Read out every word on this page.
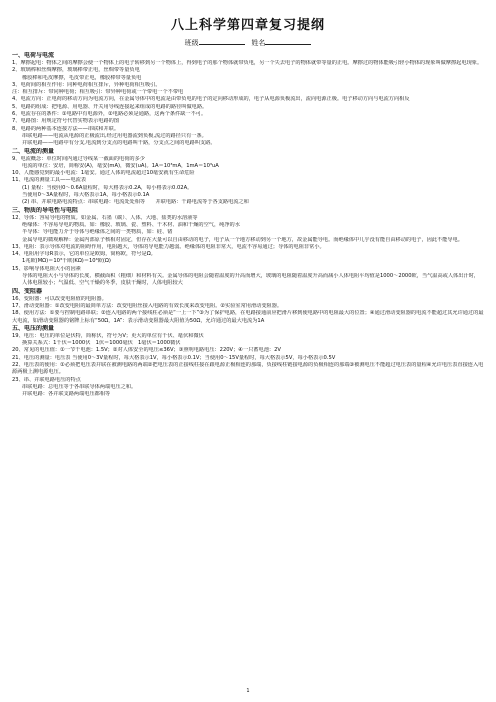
八上科学第四章复习提纲
班级	姓名
一、电荷与电流
1、摩擦起电：物体之间的摩擦会使一个物体上的电子转移到另一个物体上，得到电子的那个物体就带负电，另一个失去电子的物体就带等量的正电。摩擦过的物体能吸引轻小物体的现象叫做摩擦起电现象。
2、玻璃棒和丝绸摩擦，玻璃棒带正电，丝绸带等量负电
橡胶棒和毛皮摩擦，毛皮带正电，橡胶棒带等量负电
3、电荷间的相互作用：同种电荷相互排斥，异种电荷相互吸引。
注：相互排斥：带同种电荷；相互吸引：带异种电荷或一个带电一个不带电
4、电流方向：正电荷的移动方向为电流方向，在金属导体中的电流是由带负电的电子的定向移动形成的，电子从电源负极流出，流向电源正极。电子移动方向与电流方向相反
5、电路的组成：把电源、用电器、开关用导线连接起来组成的电路的路径叫做电路。
6、电流存在的条件：①电路中有电源外，②电路必须是通路，这两个条件缺一不可。
7、电路图：用规定符号代替实物表示电路的图
8、电路的两种基本连接方法——串联和并联。
串联电路——电流从电源的正极流出,经过用电器流到负极,流过的路径只有一条。
并联电路——电路中有分支,电流到分支点的电路叫干路，分支点之间的电路叫支路。
二、电流的测量
9、电流概念：单位时间内通过导线某一截面的电荷的多少
电流的单位：安培，简称安(A)，毫安(mA)，微安(uA)。1A＝10³mA，1mA＝10³uA
10、人能感觉到的最小电流：1毫安。通过人体的电流超过10毫安就有生命危险
11、电流的测量工具——电流表
(1) 量程：当使用0～0.6A量程时，每大格表示0.2A，每小格表示0.02A。
当使用0～3A量程时，每大格表示1A，每小格表示0.1A
(2) 串、并联电路电流特点：串联电路：电流处处相等　　并联电路：干路电流等于各支路电流之和
三、物质的导电性与电阻
12、导体：容易导电的物质。如金属、石墨（碳）、人体、大地、盐类的水溶液等
绝缘体：不容易导电的物质。如：橡胶、玻璃、瓷、塑料、干木材、油和干燥的空气，纯净的水
半导体：导电能力介于导体与绝缘体之间的一类物质，如：硅、锗
金属导电的微观解释：金属内部原子核相对固定，但存在大量可以自由移动的电子，电子从一个地方移动到另一个地方，故金属能导电。而绝缘体中几乎没有能自由移动的电子，因此不能导电。
13、电阻：表示导体对电流的阻碍作用，电阻越大，导体的导电能力越弱。绝缘体的电阻非常大，电流不容易通过；导体的电阻非常小。
14、电阻用字母R表示，它的单位是欧姆，简称欧，符号是Ω。
1兆欧(MΩ)＝10³千欧(KΩ)＝10⁶欧(Ω)
15、影响导体电阻大小的因素
导体的电阻大小与导体的长度、横截面积（粗细）和材料有关。金属导体的电阻会随着温度的升高而增大，玻璃的电阻随着温度升高而减小人体电阻平均值是1000～2000欧，当气温高或人体出汗时，人体电阻较小；气温低、空气干燥的冬季，皮肤干燥时，人体电阻较大
四、变阻器
16、变阻器：可以改变电阻值的电阻器。
17、滑动变阻器：①改变电阻的最简单方法：改变电阻丝接入电路的有效长度来改变电阻。②实验室常用滑动变阻器。
18、使用方法：①要与控制电路串联；②连入电路的两个接线柱必须是“一上一下”③为了保护电路，在电路接通前应把滑片移到使电路中的电阻最大的位置；④通过滑动变阻器的电流不能超过其允许通过的最大电流，如滑动变阻器的铭牌上标有“50Ω，1A”：表示滑动变阻器最大阻值为50Ω，允许通过的最大电流为1A
五、电压的测量
19、电压：电压的单位是伏特，简称伏，符号为V；更大的单位有千伏、毫伏和微伏
换算关系式：1千伏＝1000伏　1伏＝1000毫伏　1毫伏＝1000微伏
20、常见的电压值：①一节干电池：1.5V；②对人体安全的电压≤36V；③照明电路电压：220V；④一只蓄电池：2V
21、电压的测量：电压表 当使用0～3V量程时，每大格表示1V，每小格表示0.1V；当使用0～15V量程时，每大格表示5V，每小格表示0.5V
22、电压表的使用：①必须把电压表并联在被测电路的两端②把电压表的正接线柱接在跟电源正极相连的那端，负接线柱链接电源的负极相连的那端③被测电压不能超过电压表的量程④允许电压表直接连入电源两极上测电源电压。
23、串、并联电路电压的特点
串联电路：总电压等于各串联导体两端电压之和。
并联电路：各并联支路两端电压都相等
1
